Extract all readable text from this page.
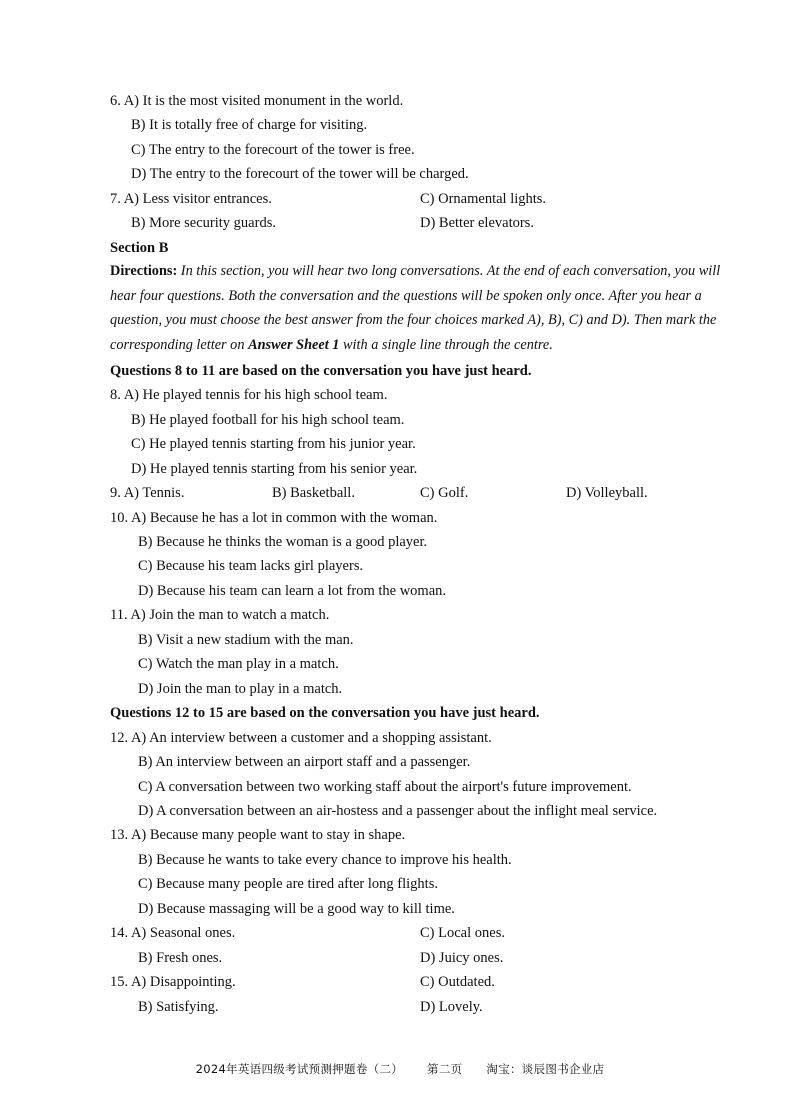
6. A) It is the most visited monument in the world.
B) It is totally free of charge for visiting.
C) The entry to the forecourt of the tower is free.
D) The entry to the forecourt of the tower will be charged.
7. A) Less visitor entrances.	C) Ornamental lights.
B) More security guards.	D) Better elevators.
Section B
Directions: In this section, you will hear two long conversations. At the end of each conversation, you will hear four questions. Both the conversation and the questions will be spoken only once. After you hear a question, you must choose the best answer from the four choices marked A), B), C) and D). Then mark the corresponding letter on Answer Sheet 1 with a single line through the centre.
Questions 8 to 11 are based on the conversation you have just heard.
8. A) He played tennis for his high school team.
B) He played football for his high school team.
C) He played tennis starting from his junior year.
D) He played tennis starting from his senior year.
9. A) Tennis.	B) Basketball.	C) Golf.	D) Volleyball.
10. A) Because he has a lot in common with the woman.
B) Because he thinks the woman is a good player.
C) Because his team lacks girl players.
D) Because his team can learn a lot from the woman.
11. A) Join the man to watch a match.
B) Visit a new stadium with the man.
C) Watch the man play in a match.
D) Join the man to play in a match.
Questions 12 to 15 are based on the conversation you have just heard.
12. A) An interview between a customer and a shopping assistant.
B) An interview between an airport staff and a passenger.
C) A conversation between two working staff about the airport's future improvement.
D) A conversation between an air-hostess and a passenger about the inflight meal service.
13. A) Because many people want to stay in shape.
B) Because he wants to take every chance to improve his health.
C) Because many people are tired after long flights.
D) Because massaging will be a good way to kill time.
14. A) Seasonal ones.	C) Local ones.
B) Fresh ones.	D) Juicy ones.
15. A) Disappointing.	C) Outdated.
B) Satisfying.	D) Lovely.
2024年英语四级考试预测押题卷（二） 第二页 淘宝：谈辰图书企业店
